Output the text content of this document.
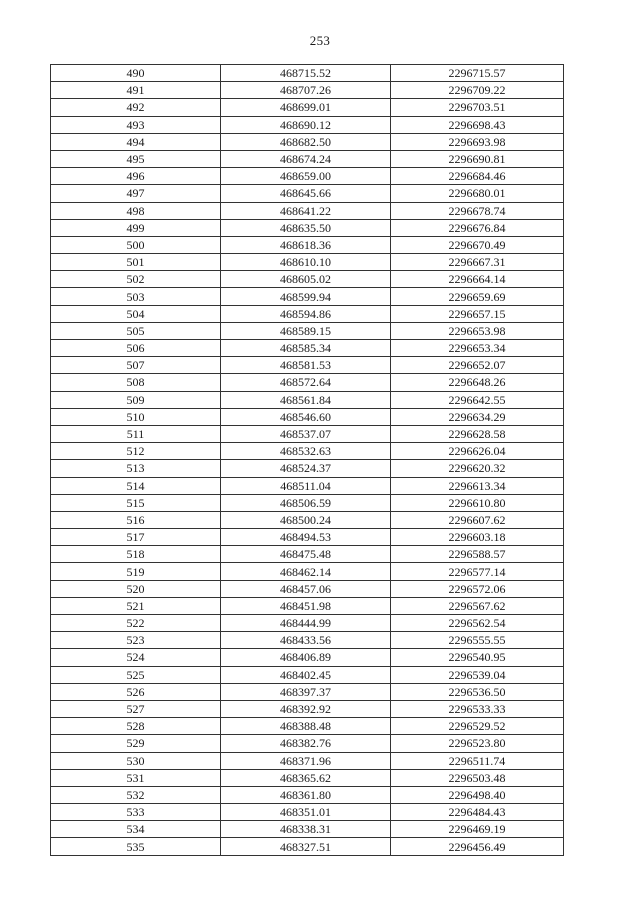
253
490	468715.52	2296715.57
491	468707.26	2296709.22
492	468699.01	2296703.51
493	468690.12	2296698.43
494	468682.50	2296693.98
495	468674.24	2296690.81
496	468659.00	2296684.46
497	468645.66	2296680.01
498	468641.22	2296678.74
499	468635.50	2296676.84
500	468618.36	2296670.49
501	468610.10	2296667.31
502	468605.02	2296664.14
503	468599.94	2296659.69
504	468594.86	2296657.15
505	468589.15	2296653.98
506	468585.34	2296653.34
507	468581.53	2296652.07
508	468572.64	2296648.26
509	468561.84	2296642.55
510	468546.60	2296634.29
511	468537.07	2296628.58
512	468532.63	2296626.04
513	468524.37	2296620.32
514	468511.04	2296613.34
515	468506.59	2296610.80
516	468500.24	2296607.62
517	468494.53	2296603.18
518	468475.48	2296588.57
519	468462.14	2296577.14
520	468457.06	2296572.06
521	468451.98	2296567.62
522	468444.99	2296562.54
523	468433.56	2296555.55
524	468406.89	2296540.95
525	468402.45	2296539.04
526	468397.37	2296536.50
527	468392.92	2296533.33
528	468388.48	2296529.52
529	468382.76	2296523.80
530	468371.96	2296511.74
531	468365.62	2296503.48
532	468361.80	2296498.40
533	468351.01	2296484.43
534	468338.31	2296469.19
535	468327.51	2296456.49
